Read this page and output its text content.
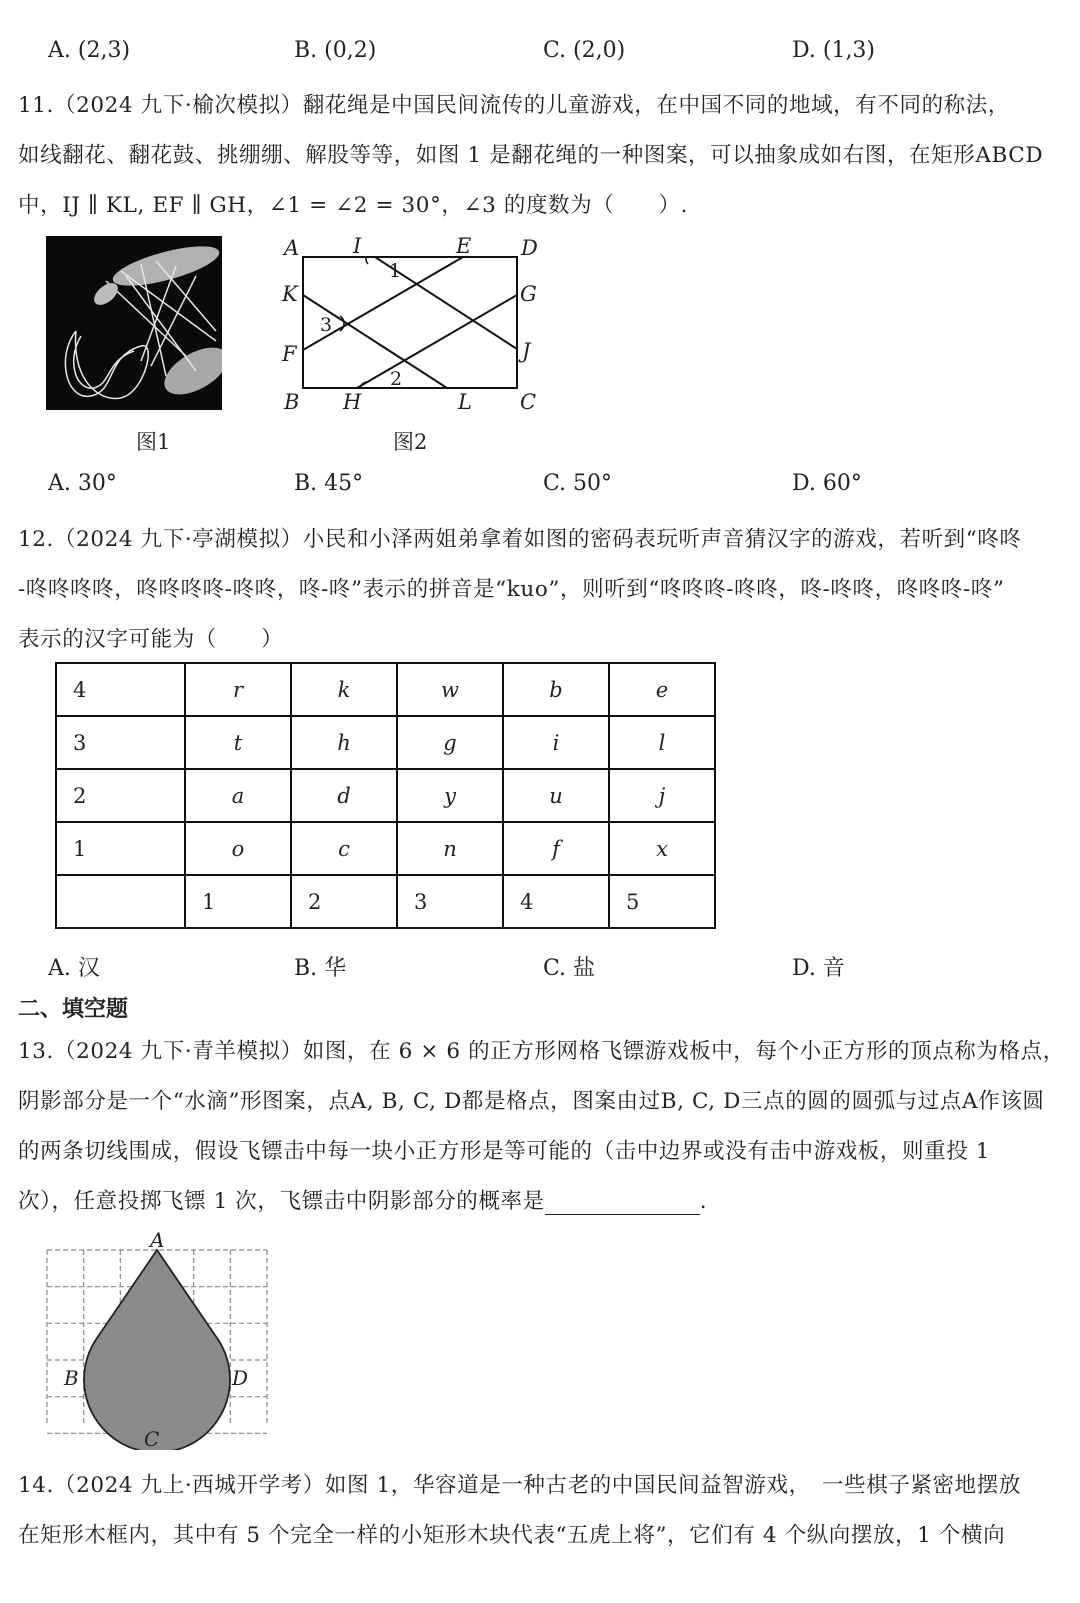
A. (2,3)	B. (0,2)	C. (2,0)	D. (1,3)
11.（2024 九下·榆次模拟）翻花绳是中国民间流传的儿童游戏，在中国不同的地域，有不同的称法，
如线翻花、翻花鼓、挑绷绷、解股等等，如图 1 是翻花绳的一种图案，可以抽象成如右图，在矩形ABCD
中，IJ ∥ KL, EF ∥ GH，∠1 = ∠2 = 30°，∠3 的度数为（　　）.
图1
A	I	E D
K	G
F	J
B H	L C
1
2
3
图2
A. 30°	B. 45°	C. 50°	D. 60°
12.（2024 九下·亭湖模拟）小民和小泽两姐弟拿着如图的密码表玩听声音猜汉字的游戏，若听到“咚咚
-咚咚咚咚，咚咚咚咚-咚咚，咚-咚”表示的拼音是“kuo”，则听到“咚咚咚-咚咚，咚-咚咚，咚咚咚-咚”
表示的汉字可能为（　　）
4	r	k	w	b	e
3	t	h	g	i	l
2	a	d	y	u	j
1	o	c	n	f	x
	1	2	3	4	5
A. 汉	B. 华	C. 盐	D. 音
二、填空题
13.（2024 九下·青羊模拟）如图，在 6 × 6 的正方形网格飞镖游戏板中，每个小正方形的顶点称为格点，
阴影部分是一个“水滴”形图案，点A, B, C, D都是格点，图案由过B, C, D三点的圆的圆弧与过点A作该圆
的两条切线围成，假设飞镖击中每一块小正方形是等可能的（击中边界或没有击中游戏板，则重投 1
次），任意投掷飞镖 1 次，飞镖击中阴影部分的概率是	.
A
B
C
D
14.（2024 九上·西城开学考）如图 1，华容道是一种古老的中国民间益智游戏，　一些棋子紧密地摆放
在矩形木框内，其中有 5 个完全一样的小矩形木块代表“五虎上将”，它们有 4 个纵向摆放，1 个横向
